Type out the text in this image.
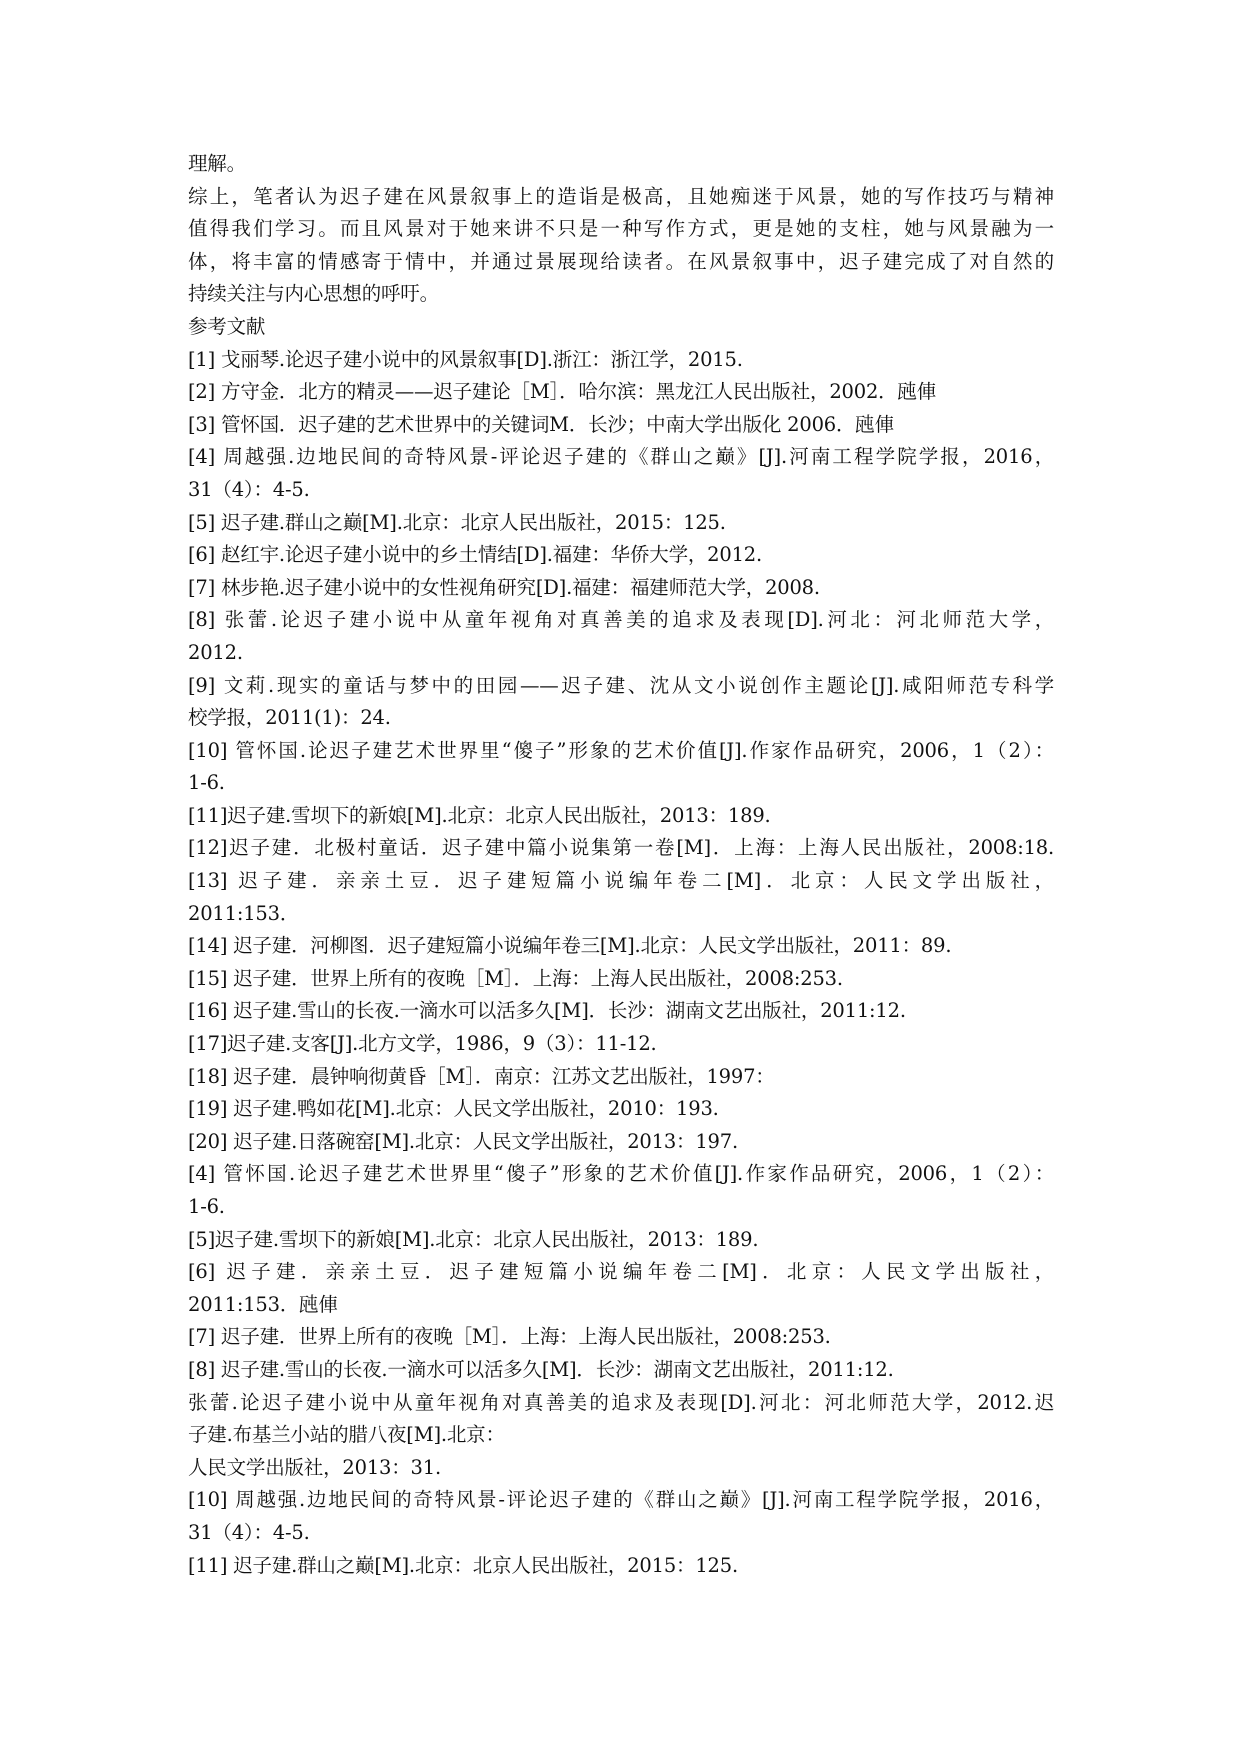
理解。
综上，笔者认为迟子建在风景叙事上的造诣是极高，且她痴迷于风景，她的写作技巧与精神
值得我们学习。而且风景对于她来讲不只是一种写作方式，更是她的支柱，她与风景融为一
体，将丰富的情感寄于情中，并通过景展现给读者。在风景叙事中，迟子建完成了对自然的
持续关注与内心思想的呼吁。
参考文献
[1] 戈丽琴.论迟子建小说中的风景叙事[D].浙江：浙江学，2015.
[2] 方守金．北方的精灵——迟子建论［M］．哈尔滨：黑龙江人民出版社，2002．瓲俥
[3] 管怀国．迟子建的艺术世界中的关键词M．长沙；中南大学出版化 2006．瓲俥
[4] 周越强.边地民间的奇特风景-评论迟子建的《群山之巅》[J].河南工程学院学报，2016，
31（4）：4-5.
[5] 迟子建.群山之巅[M].北京：北京人民出版社，2015：125.
[6] 赵红宇.论迟子建小说中的乡土情结[D].福建：华侨大学，2012.
[7] 林步艳.迟子建小说中的女性视角研究[D].福建：福建师范大学，2008.
[8] 张蕾.论迟子建小说中从童年视角对真善美的追求及表现[D].河北：河北师范大学，
2012.
[9] 文莉.现实的童话与梦中的田园——迟子建、沈从文小说创作主题论[J].咸阳师范专科学
校学报，2011(1)：24.
[10] 管怀国.论迟子建艺术世界里“傻子”形象的艺术价值[J].作家作品研究，2006，1（2）：
1-6.
[11]迟子建.雪坝下的新娘[M].北京：北京人民出版社，2013：189.
[12]迟子建．北极村童话．迟子建中篇小说集第一卷[M]．上海：上海人民出版社，2008:18.
[13] 迟子建．亲亲土豆．迟子建短篇小说编年卷二[M]．北京：人民文学出版社，
2011:153．
[14] 迟子建．河柳图．迟子建短篇小说编年卷三[M].北京：人民文学出版社，2011：89.
[15] 迟子建．世界上所有的夜晚［M］．上海：上海人民出版社，2008:253.
[16] 迟子建.雪山的长夜.一滴水可以活多久[M]．长沙：湖南文艺出版社，2011:12.
[17]迟子建.支客[J].北方文学，1986，9（3）：11-12.
[18] 迟子建．晨钟响彻黄昏［M］．南京：江苏文艺出版社，1997：
[19] 迟子建.鸭如花[M].北京：人民文学出版社，2010：193.
[20] 迟子建.日落碗窑[M].北京：人民文学出版社，2013：197.
[4] 管怀国.论迟子建艺术世界里“傻子”形象的艺术价值[J].作家作品研究，2006，1（2）：
1-6.
[5]迟子建.雪坝下的新娘[M].北京：北京人民出版社，2013：189.
[6] 迟子建．亲亲土豆．迟子建短篇小说编年卷二[M]．北京：人民文学出版社，
2011:153．瓲俥
[7] 迟子建．世界上所有的夜晚［M］．上海：上海人民出版社，2008:253.
[8] 迟子建.雪山的长夜.一滴水可以活多久[M]．长沙：湖南文艺出版社，2011:12.
张蕾.论迟子建小说中从童年视角对真善美的追求及表现[D].河北：河北师范大学，2012.迟
子建.布基兰小站的腊八夜[M].北京：
人民文学出版社，2013：31.
[10] 周越强.边地民间的奇特风景-评论迟子建的《群山之巅》[J].河南工程学院学报，2016，
31（4）：4-5.
[11] 迟子建.群山之巅[M].北京：北京人民出版社，2015：125.
